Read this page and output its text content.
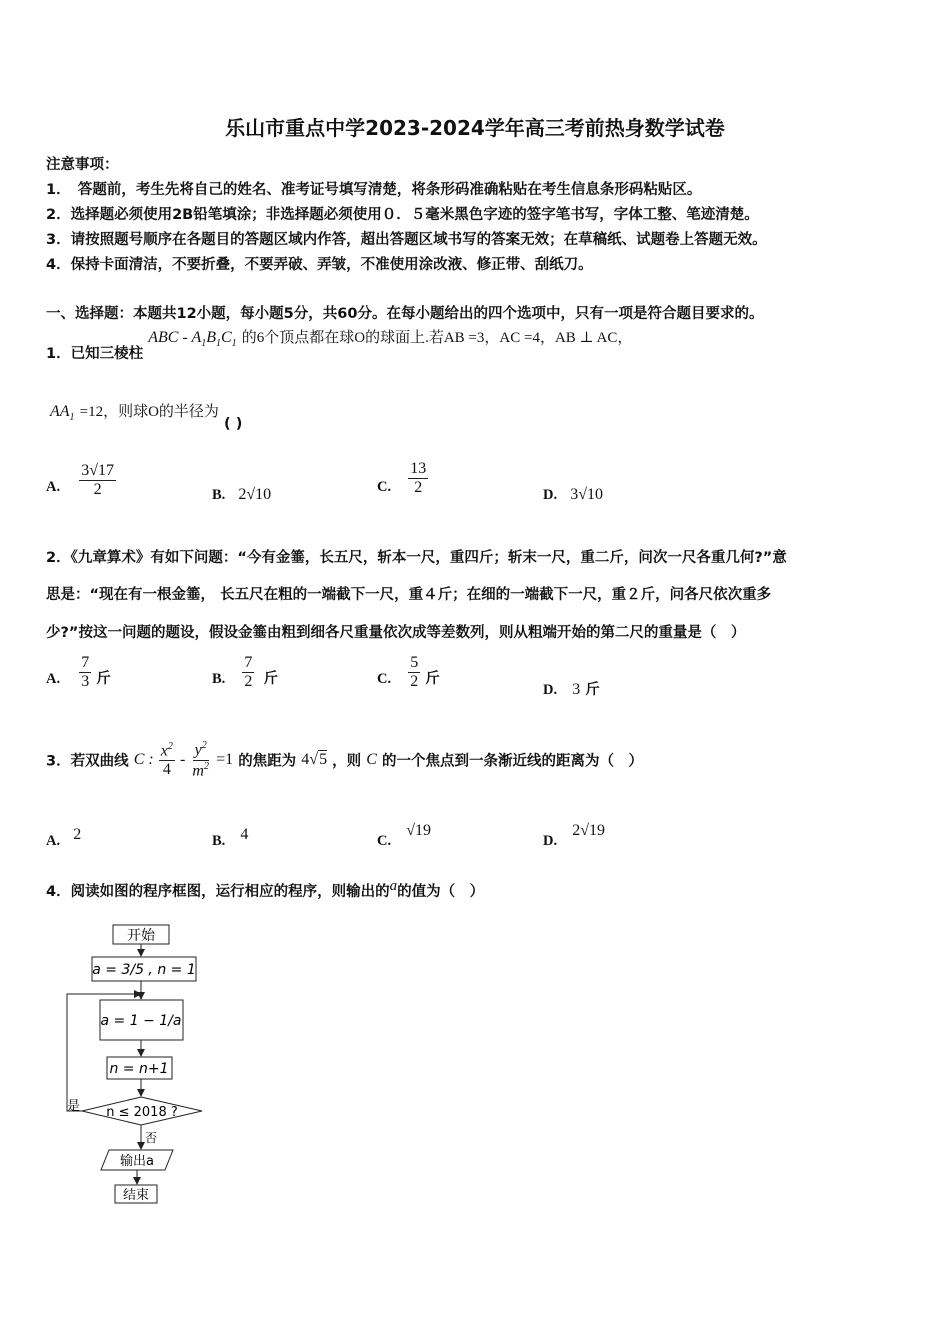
乐山市重点中学2023-2024学年高三考前热身数学试卷
注意事项：
1．　答题前，考生先将自己的姓名、准考证号填写清楚，将条形码准确粘贴在考生信息条形码粘贴区。
2．选择题必须使用2B铅笔填涂；非选择题必须使用０．５毫米黑色字迹的签字笔书写，字体工整、笔迹清楚。
3．请按照题号顺序在各题目的答题区域内作答，超出答题区域书写的答案无效；在草稿纸、试题卷上答题无效。
4．保持卡面清洁，不要折叠，不要弄破、弄皱，不准使用涂改液、修正带、刮纸刀。
一、选择题：本题共12小题，每小题5分，共60分。在每小题给出的四个选项中，只有一项是符合题目要求的。
1．已知三棱柱 ABC - $A_1B_1C_1$ 的6个顶点都在球O的球面上.若AB =3，AC =4，AB ⊥ AC，
$AA_1 =12$，则球O的半径为 ( )
A. $\frac{3√17}{2}$	B. 2√10	C. $\frac{13}{2}$	D. 3√10
2．《九章算术》有如下问题：“今有金箠，长五尺，斩本一尺，重四斤；斩末一尺，重二斤，问次一尺各重几何?”意
思是：“现在有一根金箠， 长五尺在粗的一端截下一尺，重４斤；在细的一端截下一尺，重２斤，问各尺依次重多
少?”按这一问题的题设，假设金箠由粗到细各尺重量依次成等差数列，则从粗端开始的第二尺的重量是（　）
A. $\frac{7}{3}$ 斤	B. $\frac{7}{2}$ 斤	C. $\frac{5}{2}$ 斤
D. 3 斤
3．若双曲线 C : $\frac{x^2}{4} - \frac{y^2}{m^2} =1$ 的焦距为 4√5 ，则 C 的一个焦点到一条渐近线的距离为（　）
A. 2	B. 4	C. √19
D. 2√19
4．阅读如图的程序框图，运行相应的程序，则输出的a的值为（　）
开始
a = 3/5 , n = 1
a = 1 − 1/a
n = n+1
n ≤ 2018 ?
是
否
输出a
结束
